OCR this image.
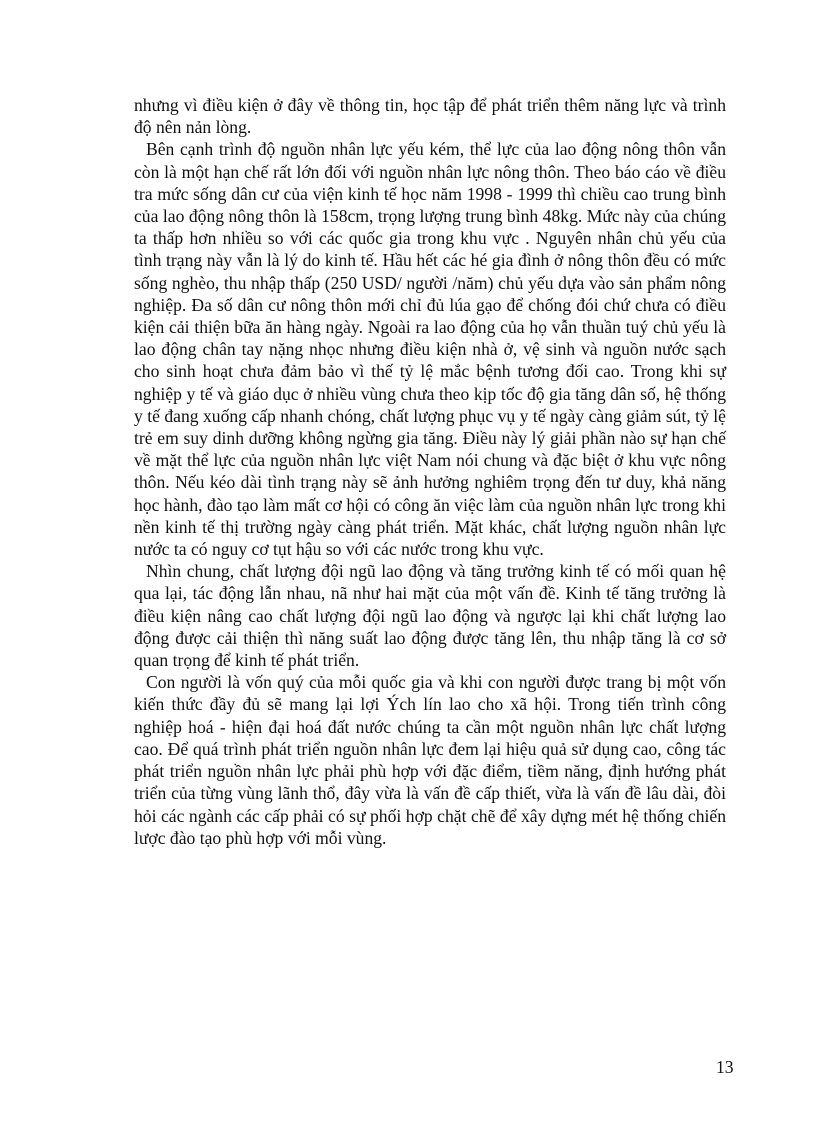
nhưng vì điều kiện ở đây về thông tin, học tập để phát triển thêm năng lực và trình độ nên nản lòng.

Bên cạnh trình độ nguồn nhân lực yếu kém, thể lực của lao động nông thôn vẫn còn là một hạn chế rất lớn đối với nguồn nhân lực nông thôn. Theo báo cáo về điều tra mức sống dân cư của viện kinh tế học năm 1998 - 1999 thì chiều cao trung bình của lao động nông thôn là 158cm, trọng lượng trung bình 48kg. Mức này của chúng ta thấp hơn nhiều so với các quốc gia trong khu vực . Nguyên nhân chủ yếu của tình trạng này vẫn là lý do kinh tế. Hầu hết các hé gia đình ở nông thôn đều có mức sống nghèo, thu nhập thấp (250 USD/ người /năm) chủ yếu dựa vào sản phẩm nông nghiệp. Đa số dân cư nông thôn mới chỉ đủ lúa gạo để chống đói chứ chưa có điều kiện cải thiện bữa ăn hàng ngày. Ngoài ra lao động của họ vẫn thuần tuý chủ yếu là lao động chân tay nặng nhọc nhưng điều kiện nhà ở, vệ sinh và nguồn nước sạch cho sinh hoạt chưa đảm bảo vì thế tỷ lệ mắc bệnh tương đối cao. Trong khi sự nghiệp y tế và giáo dục ở nhiều vùng chưa theo kịp tốc độ gia tăng dân số, hệ thống y tế đang xuống cấp nhanh chóng, chất lượng phục vụ y tế ngày càng giảm sút, tỷ lệ trẻ em suy dinh dưỡng không ngừng gia tăng. Điều này lý giải phần nào sự hạn chế về mặt thể lực của nguồn nhân lực việt Nam nói chung và đặc biệt ở khu vực nông thôn. Nếu kéo dài tình trạng này sẽ ảnh hưởng nghiêm trọng đến tư duy, khả năng học hành, đào tạo làm mất cơ hội có công ăn việc làm của nguồn nhân lực trong khi nền kinh tế thị trường ngày càng phát triển. Mặt khác, chất lượng nguồn nhân lực nước ta có nguy cơ tụt hậu so với các nước trong khu vực.

Nhìn chung, chất lượng đội ngũ lao động và tăng trưởng kinh tế có mối quan hệ qua lại, tác động lẫn nhau, nã như hai mặt của một vấn đề. Kinh tế tăng trưởng là điều kiện nâng cao chất lượng đội ngũ lao động và ngược lại khi chất lượng lao động được cải thiện thì năng suất lao động được tăng lên, thu nhập tăng là cơ sở quan trọng để kinh tế phát triển.

Con người là vốn quý của mỗi quốc gia và khi con người được trang bị một vốn kiến thức đầy đủ sẽ mang lại lợi Ých lín lao cho xã hội. Trong tiến trình công nghiệp hoá - hiện đại hoá đất nước chúng ta cần một nguồn nhân lực chất lượng cao. Để quá trình phát triển nguồn nhân lực đem lại hiệu quả sử dụng cao, công tác phát triển nguồn nhân lực phải phù hợp với đặc điểm, tiềm năng, định hướng phát triển của từng vùng lãnh thổ, đây vừa là vấn đề cấp thiết, vừa là vấn đề lâu dài, đòi hỏi các ngành các cấp phải có sự phối hợp chặt chẽ để xây dựng mét hệ thống chiến lược đào tạo phù hợp với mỗi vùng.

13
